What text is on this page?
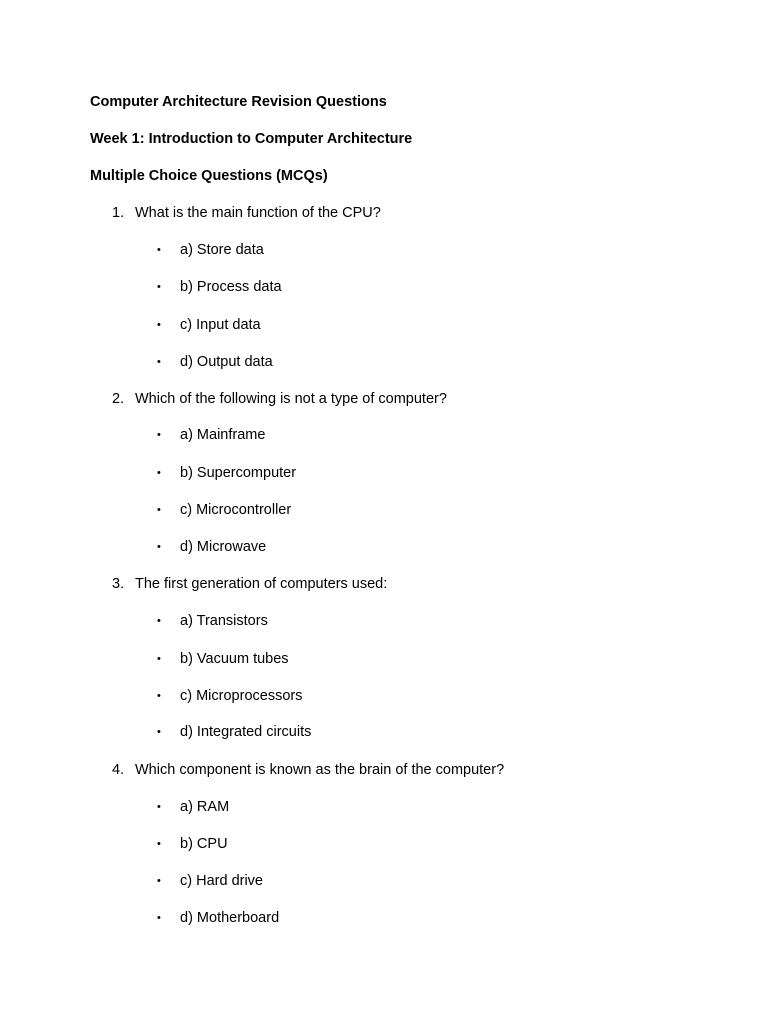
Computer Architecture Revision Questions
Week 1: Introduction to Computer Architecture
Multiple Choice Questions (MCQs)
1. What is the main function of the CPU?
• a) Store data
• b) Process data
• c) Input data
• d) Output data
2. Which of the following is not a type of computer?
• a) Mainframe
• b) Supercomputer
• c) Microcontroller
• d) Microwave
3. The first generation of computers used:
• a) Transistors
• b) Vacuum tubes
• c) Microprocessors
• d) Integrated circuits
4. Which component is known as the brain of the computer?
• a) RAM
• b) CPU
• c) Hard drive
• d) Motherboard
